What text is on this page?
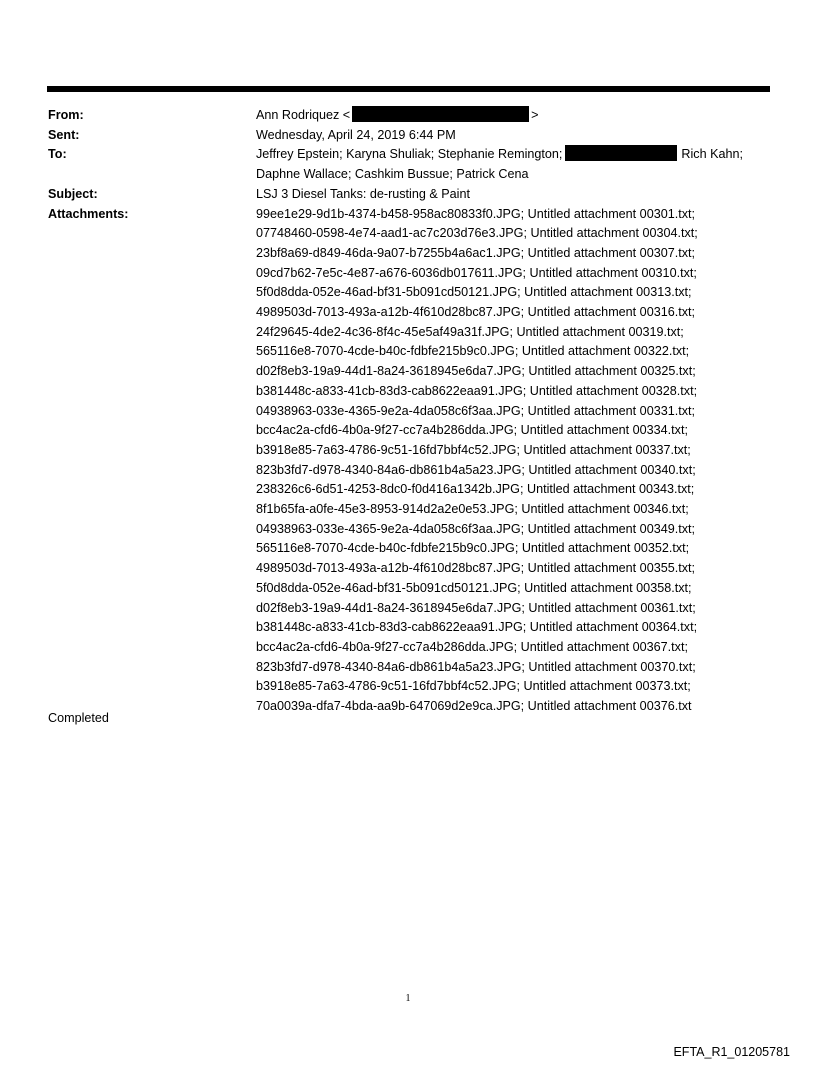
From:	Ann Rodriquez <	>
Sent:	Wednesday, April 24, 2019 6:44 PM
To:	Jeffrey Epstein; Karyna Shuliak; Stephanie Remington;	Rich Kahn;
Daphne Wallace; Cashkim Bussue; Patrick Cena
Subject:	LSJ 3 Diesel Tanks: de-rusting & Paint
Attachments:	99ee1e29-9d1b-4374-b458-958ac80833f0.JPG; Untitled attachment 00301.txt;
07748460-0598-4e74-aad1-ac7c203d76e3.JPG; Untitled attachment 00304.txt;
23bf8a69-d849-46da-9a07-b7255b4a6ac1.JPG; Untitled attachment 00307.txt;
09cd7b62-7e5c-4e87-a676-6036db017611.JPG; Untitled attachment 00310.txt;
5f0d8dda-052e-46ad-bf31-5b091cd50121.JPG; Untitled attachment 00313.txt;
4989503d-7013-493a-a12b-4f610d28bc87.JPG; Untitled attachment 00316.txt;
24f29645-4de2-4c36-8f4c-45e5af49a31f.JPG; Untitled attachment 00319.txt;
565116e8-7070-4cde-b40c-fdbfe215b9c0.JPG; Untitled attachment 00322.txt;
d02f8eb3-19a9-44d1-8a24-3618945e6da7.JPG; Untitled attachment 00325.txt;
b381448c-a833-41cb-83d3-cab8622eaa91.JPG; Untitled attachment 00328.txt;
04938963-033e-4365-9e2a-4da058c6f3aa.JPG; Untitled attachment 00331.txt;
bcc4ac2a-cfd6-4b0a-9f27-cc7a4b286dda.JPG; Untitled attachment 00334.txt;
b3918e85-7a63-4786-9c51-16fd7bbf4c52.JPG; Untitled attachment 00337.txt;
823b3fd7-d978-4340-84a6-db861b4a5a23.JPG; Untitled attachment 00340.txt;
238326c6-6d51-4253-8dc0-f0d416a1342b.JPG; Untitled attachment 00343.txt;
8f1b65fa-a0fe-45e3-8953-914d2a2e0e53.JPG; Untitled attachment 00346.txt;
04938963-033e-4365-9e2a-4da058c6f3aa.JPG; Untitled attachment 00349.txt;
565116e8-7070-4cde-b40c-fdbfe215b9c0.JPG; Untitled attachment 00352.txt;
4989503d-7013-493a-a12b-4f610d28bc87.JPG; Untitled attachment 00355.txt;
5f0d8dda-052e-46ad-bf31-5b091cd50121.JPG; Untitled attachment 00358.txt;
d02f8eb3-19a9-44d1-8a24-3618945e6da7.JPG; Untitled attachment 00361.txt;
b381448c-a833-41cb-83d3-cab8622eaa91.JPG; Untitled attachment 00364.txt;
bcc4ac2a-cfd6-4b0a-9f27-cc7a4b286dda.JPG; Untitled attachment 00367.txt;
823b3fd7-d978-4340-84a6-db861b4a5a23.JPG; Untitled attachment 00370.txt;
b3918e85-7a63-4786-9c51-16fd7bbf4c52.JPG; Untitled attachment 00373.txt;
70a0039a-dfa7-4bda-aa9b-647069d2e9ca.JPG; Untitled attachment 00376.txt
Completed
1
EFTA_R1_01205781
